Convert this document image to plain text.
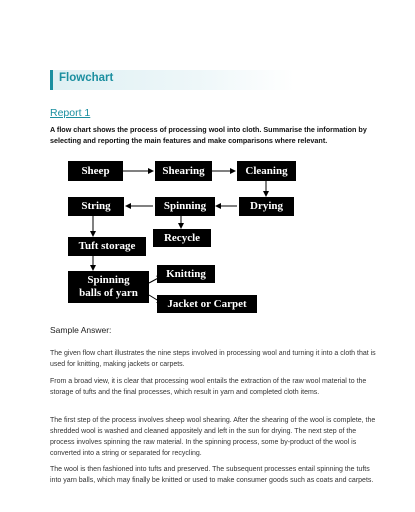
Flowchart
Report 1
A flow chart shows the process of processing wool into cloth. Summarise the information by selecting and reporting the main features and make comparisons where relevant.
Sheep	Shearing	Cleaning
Drying
Spinning
String
Recycle
Tuft storage
Spinning
balls of yarn
Knitting
Jacket or Carpet
Sample Answer:
The given flow chart illustrates the nine steps involved in processing wool and turning it into a cloth that is used for knitting, making jackets or carpets.
From a broad view, it is clear that processing wool entails the extraction of the raw wool material to the storage of tufts and the final processes, which result in yarn and completed cloth items.
The first step of the process involves sheep wool shearing. After the shearing of the wool is complete, the shredded wool is washed and cleaned appositely and left in the sun for drying. The next step of the process involves spinning the raw material. In the spinning process, some by-product of the wool is converted into a string or separated for recycling.
The wool is then fashioned into tufts and preserved. The subsequent processes entail spinning the tufts into yarn balls, which may finally be knitted or used to make consumer goods such as coats and carpets.
